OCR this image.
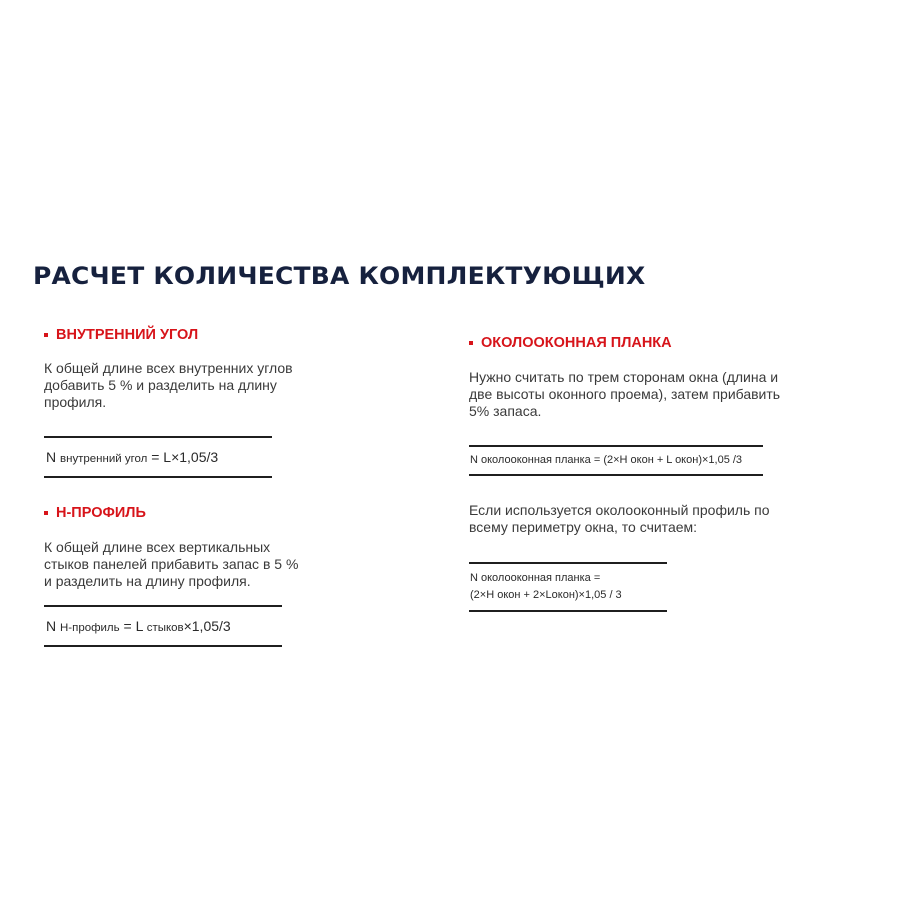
РАСЧЕТ КОЛИЧЕСТВА КОМПЛЕКТУЮЩИХ
ВНУТРЕННИЙ УГОЛ

К общей длине всех внутренних углов
добавить 5 % и разделить на длину
профиля.

N внутренний угол = L×1,05/3
Н-ПРОФИЛЬ

К общей длине всех вертикальных
стыков панелей прибавить запас в 5 %
и разделить на длину профиля.

N Н-профиль = L стыков×1,05/3
ОКОЛООКОННАЯ ПЛАНКА

Нужно считать по трем сторонам окна (длина и
две высоты оконного проема), затем прибавить
5% запаса.

N околооконная планка = (2×H окон + L окон)×1,05 /3

Если используется околооконный профиль по
всему периметру окна, то считаем:

N околооконная планка =
(2×H окон + 2×Lокон)×1,05 / 3
